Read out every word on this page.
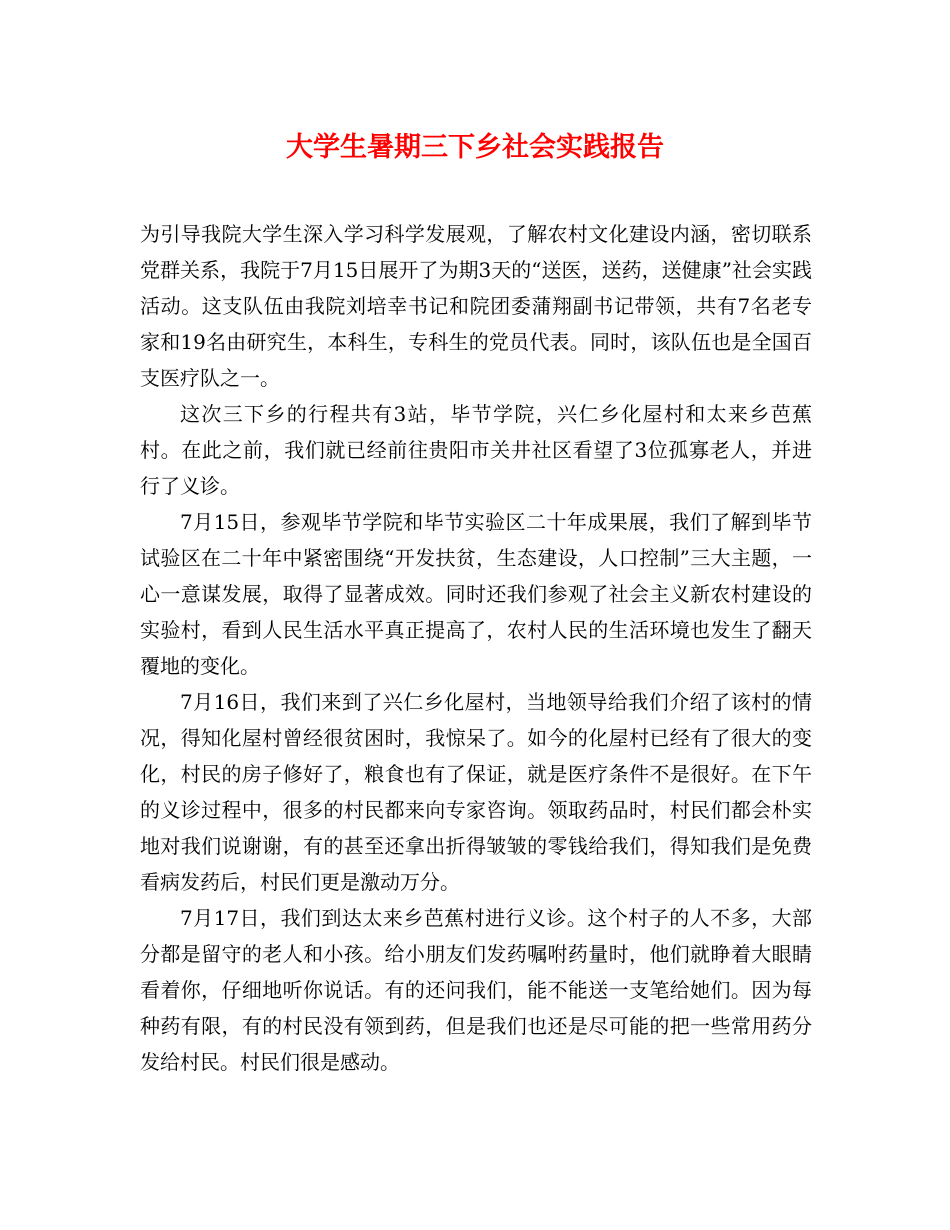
大学生暑期三下乡社会实践报告

为引导我院大学生深入学习科学发展观，了解农村文化建设内涵，密切联系党群关系，我院于7月15日展开了为期3天的“送医，送药，送健康”社会实践活动。这支队伍由我院刘培幸书记和院团委蒲翔副书记带领，共有7名老专家和19名由研究生，本科生，专科生的党员代表。同时，该队伍也是全国百支医疗队之一。

这次三下乡的行程共有3站，毕节学院，兴仁乡化屋村和太来乡芭蕉村。在此之前，我们就已经前往贵阳市关井社区看望了3位孤寡老人，并进行了义诊。

7月15日，参观毕节学院和毕节实验区二十年成果展，我们了解到毕节试验区在二十年中紧密围绕“开发扶贫，生态建设，人口控制”三大主题，一心一意谋发展，取得了显著成效。同时还我们参观了社会主义新农村建设的实验村，看到人民生活水平真正提高了，农村人民的生活环境也发生了翻天覆地的变化。

7月16日，我们来到了兴仁乡化屋村，当地领导给我们介绍了该村的情况，得知化屋村曾经很贫困时，我惊呆了。如今的化屋村已经有了很大的变化，村民的房子修好了，粮食也有了保证，就是医疗条件不是很好。在下午的义诊过程中，很多的村民都来向专家咨询。领取药品时，村民们都会朴实地对我们说谢谢，有的甚至还拿出折得皱皱的零钱给我们，得知我们是免费看病发药后，村民们更是激动万分。

7月17日，我们到达太来乡芭蕉村进行义诊。这个村子的人不多，大部分都是留守的老人和小孩。给小朋友们发药嘱咐药量时，他们就睁着大眼睛看着你，仔细地听你说话。有的还问我们，能不能送一支笔给她们。因为每种药有限，有的村民没有领到药，但是我们也还是尽可能的把一些常用药分发给村民。村民们很是感动。
